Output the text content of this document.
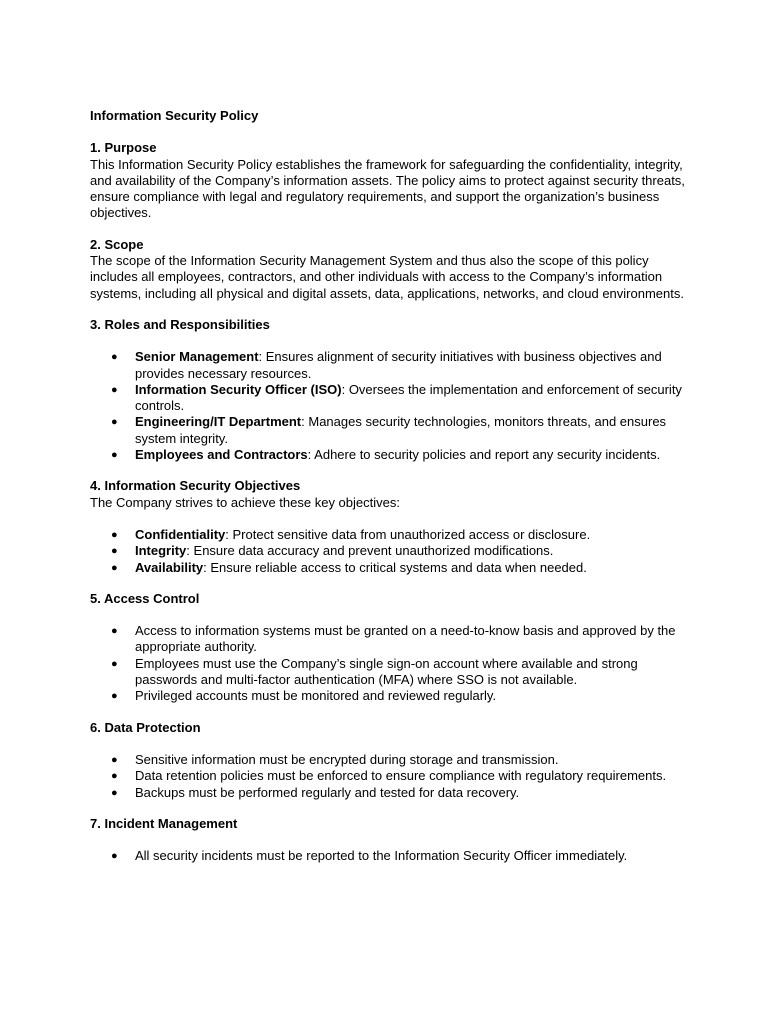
Information Security Policy

1. Purpose

This Information Security Policy establishes the framework for safeguarding the confidentiality, integrity, and availability of the Company’s information assets. The policy aims to protect against security threats, ensure compliance with legal and regulatory requirements, and support the organization’s business objectives.

2. Scope

The scope of the Information Security Management System and thus also the scope of this policy includes all employees, contractors, and other individuals with access to the Company’s information systems, including all physical and digital assets, data, applications, networks, and cloud environments.

3. Roles and Responsibilities

● Senior Management: Ensures alignment of security initiatives with business objectives and provides necessary resources.
● Information Security Officer (ISO): Oversees the implementation and enforcement of security controls.
● Engineering/IT Department: Manages security technologies, monitors threats, and ensures system integrity.
● Employees and Contractors: Adhere to security policies and report any security incidents.

4. Information Security Objectives

The Company strives to achieve these key objectives:

● Confidentiality: Protect sensitive data from unauthorized access or disclosure.
● Integrity: Ensure data accuracy and prevent unauthorized modifications.
● Availability: Ensure reliable access to critical systems and data when needed.

5. Access Control

● Access to information systems must be granted on a need-to-know basis and approved by the appropriate authority.
● Employees must use the Company’s single sign-on account where available and strong passwords and multi-factor authentication (MFA) where SSO is not available.
● Privileged accounts must be monitored and reviewed regularly.

6. Data Protection

● Sensitive information must be encrypted during storage and transmission.
● Data retention policies must be enforced to ensure compliance with regulatory requirements.
● Backups must be performed regularly and tested for data recovery.

7. Incident Management

● All security incidents must be reported to the Information Security Officer immediately.
